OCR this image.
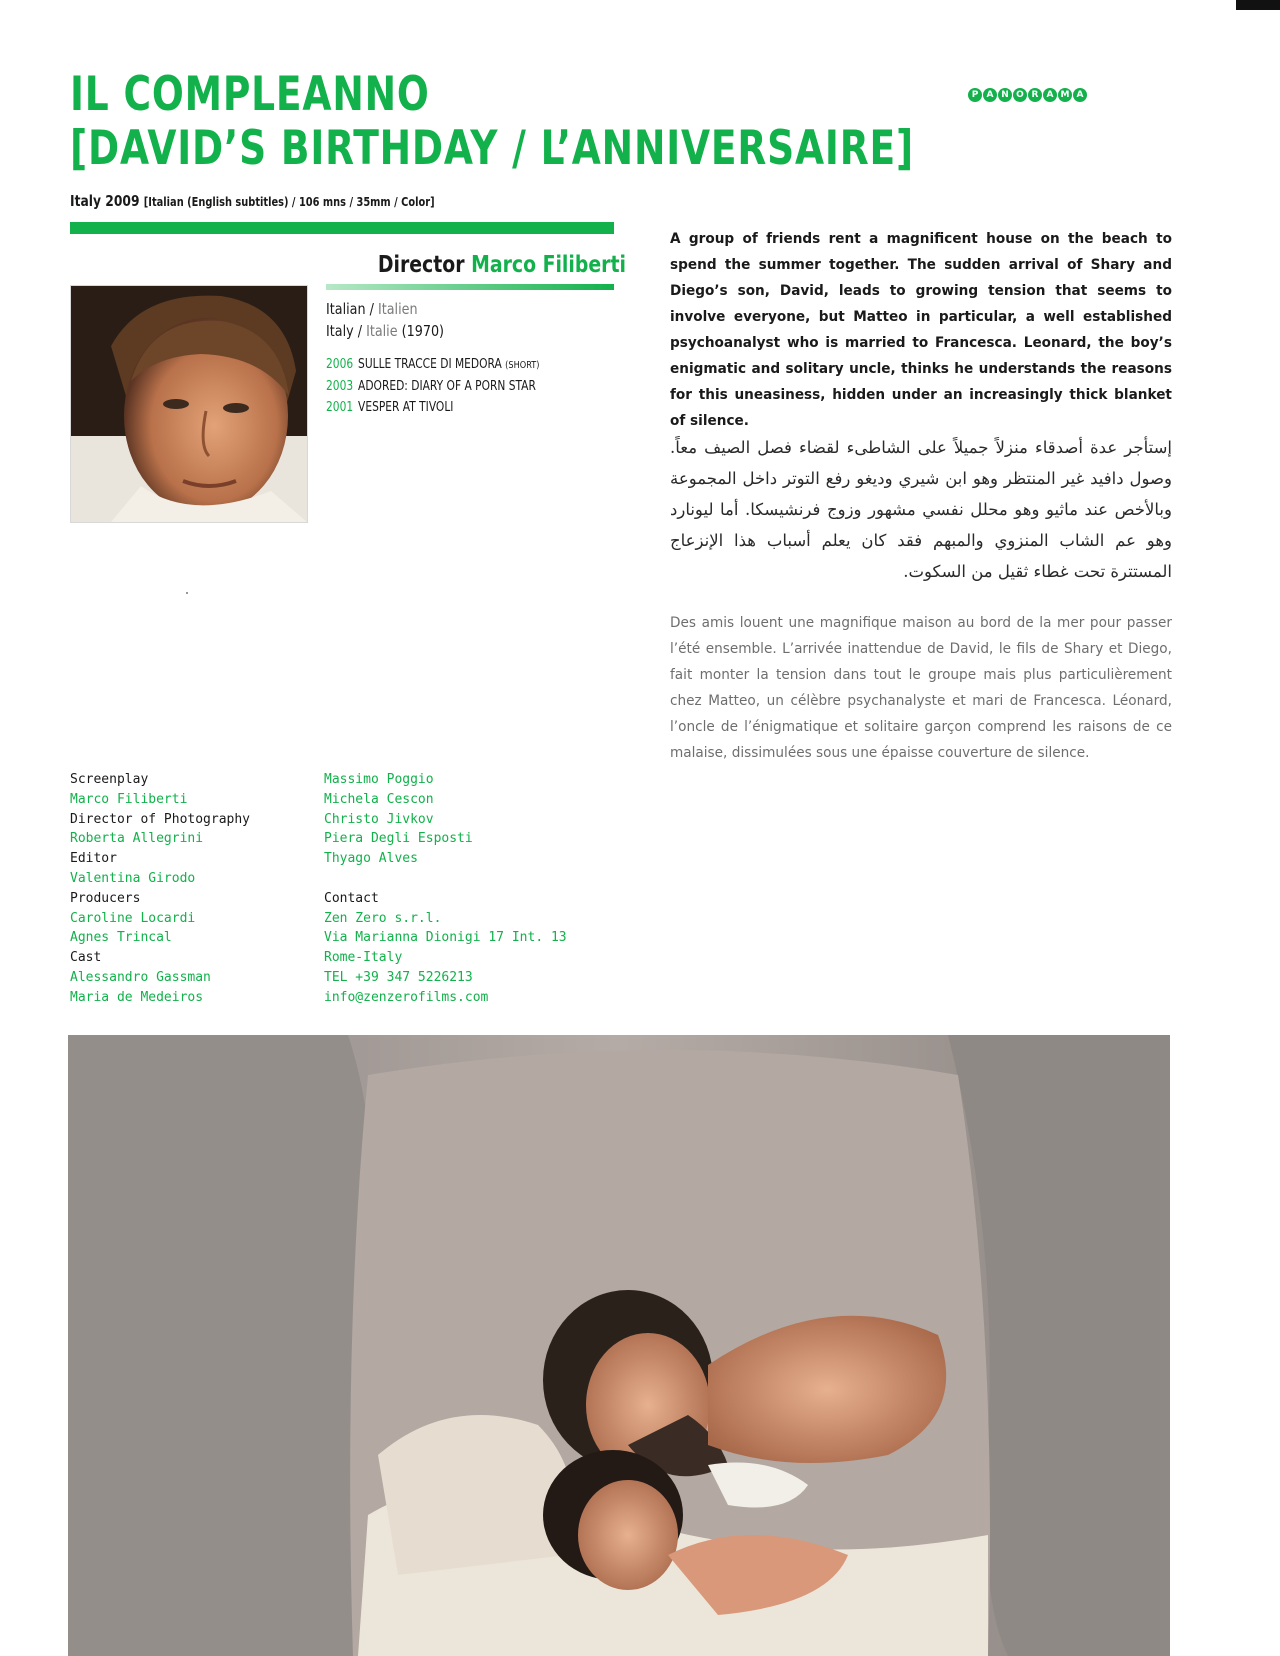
IL COMPLEANNO
[DAVID’S BIRTHDAY / L’ANNIVERSAIRE]
P A N O R A M A
Italy 2009 [Italian (English subtitles) / 106 mns / 35mm / Color]
Director Marco Filiberti
Italian / Italien
Italy / Italie (1970)
2006 SULLE TRACCE DI MEDORA (SHORT)
2003 ADORED: DIARY OF A PORN STAR
2001 VESPER AT TIVOLI

A group of friends rent a magnificent house on the beach to spend the summer together. The sudden arrival of Shary and Diego’s son, David, leads to growing tension that seems to involve everyone, but Matteo in particular, a well established psychoanalyst who is married to Francesca. Leonard, the boy’s enigmatic and solitary uncle, thinks he understands the reasons for this uneasiness, hidden under an increasingly thick blanket of silence.

إستأجر عدة أصدقاء منزلاً جميلاً على الشاطىء لقضاء فصل الصيف معاً. وصول دافيد غير المنتظر وهو ابن شيري وديغو رفع التوتر داخل المجموعة وبالأخص عند ماثيو وهو محلل نفسي مشهور وزوج فرنشيسكا. أما ليونارد وهو عم الشاب المنزوي والمبهم فقد كان يعلم أسباب هذا الإنزعاج المستترة تحت غطاء ثقيل من السكوت.

Des amis louent une magnifique maison au bord de la mer pour passer l’été ensemble. L’arrivée inattendue de David, le fils de Shary et Diego, fait monter la tension dans tout le groupe mais plus particulièrement chez Matteo, un célèbre psychanalyste et mari de Francesca. Léonard, l’oncle de l’énigmatique et solitaire garçon comprend les raisons de ce malaise, dissimulées sous une épaisse couverture de silence.

Screenplay
Marco Filiberti
Director of Photography
Roberta Allegrini
Editor
Valentina Girodo
Producers
Caroline Locardi
Agnes Trincal
Cast
Alessandro Gassman
Maria de Medeiros
Massimo Poggio
Michela Cescon
Christo Jivkov
Piera Degli Esposti
Thyago Alves
Contact
Zen Zero s.r.l.
Via Marianna Dionigi 17 Int. 13
Rome-Italy
TEL +39 347 5226213
info@zenzerofilms.com
